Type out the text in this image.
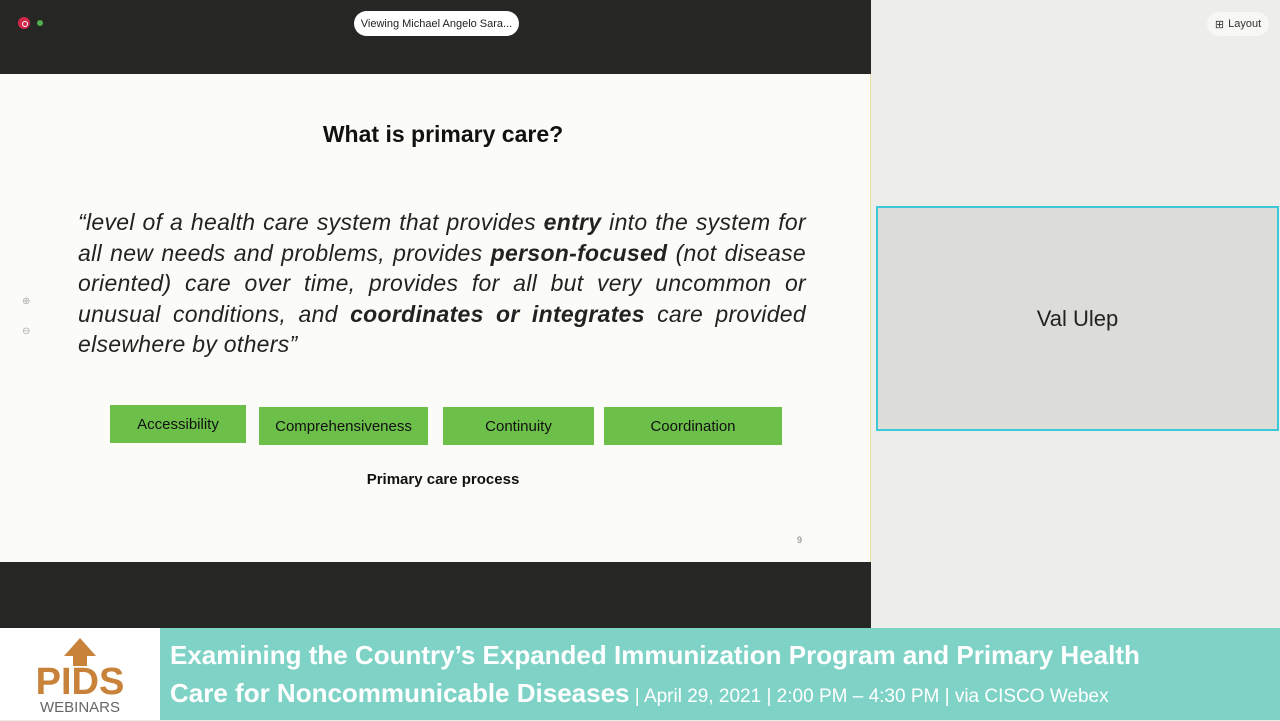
Viewing Michael Angelo Sara...
⊕
⊖
What is primary care?
“level of a health care system that provides entry into the system for all new needs and problems, provides person-focused (not disease oriented) care over time, provides for all but very uncommon or unusual conditions, and coordinates or integrates care provided elsewhere by others”
Accessibility	Comprehensiveness	Continuity	Coordination
Primary care process
9
⊞ Layout
Val Ulep
PIDS
WEBINARS
Examining the Country’s Expanded Immunization Program and Primary Health
Care for Noncommunicable Diseases | April 29, 2021 | 2:00 PM – 4:30 PM | via CISCO Webex
